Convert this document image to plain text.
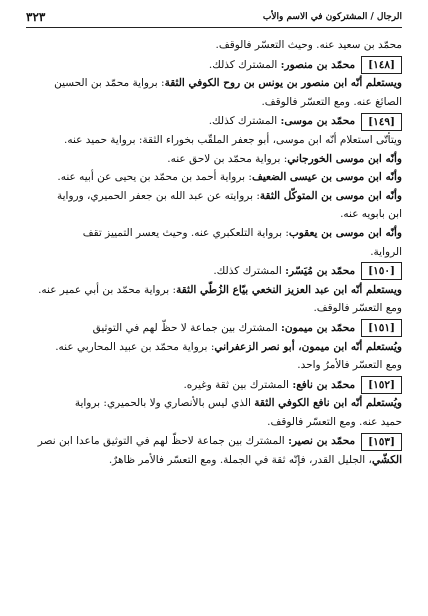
الرجال / المشتركون في الاسم والأب
٣٢٣

محمّد بن سعيد عنه. وحيث التعسّر فالوقف.

[١٤٨]
محمّد بن منصور: المشترك كذلك.

ويستعلم أنّه ابن منصور بن يونس بن روح الكوفي الثقة: برواية محمّد بن الحسين

الصائغ عنه. ومع التعسّر فالوقف.

[١٤٩]
محمّد بن موسى: المشترك كذلك.

ويتأتّى استعلام أنّه ابن موسى، أبو جعفر الملقّب بخوراء الثقة: برواية حميد عنه.

وأنّه ابن موسى الخورجاني: برواية محمّد بن لاحق عنه.

وأنّه ابن موسى بن عيسى الضعيف: برواية أحمد بن محمّد بن يحيى عن أبيه عنه.

وأنّه ابن موسى بن المتوكّل الثقة: بروايته عن عبد الله بن جعفر الحميري، ورواية

ابن بابويه عنه.

وأنّه ابن موسى بن يعقوب: برواية التلعكبري عنه. وحيث يعسر التمييز تقف

الرواية.

[١٥٠]
محمّد بن مُيَسّر: المشترك كذلك.

ويستعلم أنّه ابن عبد العزيز النخعي بيّاع الزُطّي الثقة: برواية محمّد بن أبي عمير عنه.

ومع التعسّر فالوقف.

[١٥١]
محمّد بن ميمون: المشترك بين جماعة لا حظّ لهم في التوثيق

ويُستعلم أنّه ابن ميمون، أبو نصر الزعفراني: برواية محمّد بن عبيد المحاربي عنه.

ومع التعسّر فالأمرُ واحد.

[١٥٢]
محمّد بن نافع: المشترك بين ثقة وغيره.

ويُستعلم أنّه ابن نافع الكوفي الثقة الذي ليس بالأنصاري ولا بالحميري: برواية

حميد عنه. ومع التعسّر فالوقف.

[١٥٣]
محمّد بن نصير: المشترك بين جماعة لاحظّ لهم في التوثيق ماعدا ابن نصر

الكشّي، الجليل القدر، فإنّه ثقة في الجملة. ومع التعسّر فالأمر ظاهرٌ.
